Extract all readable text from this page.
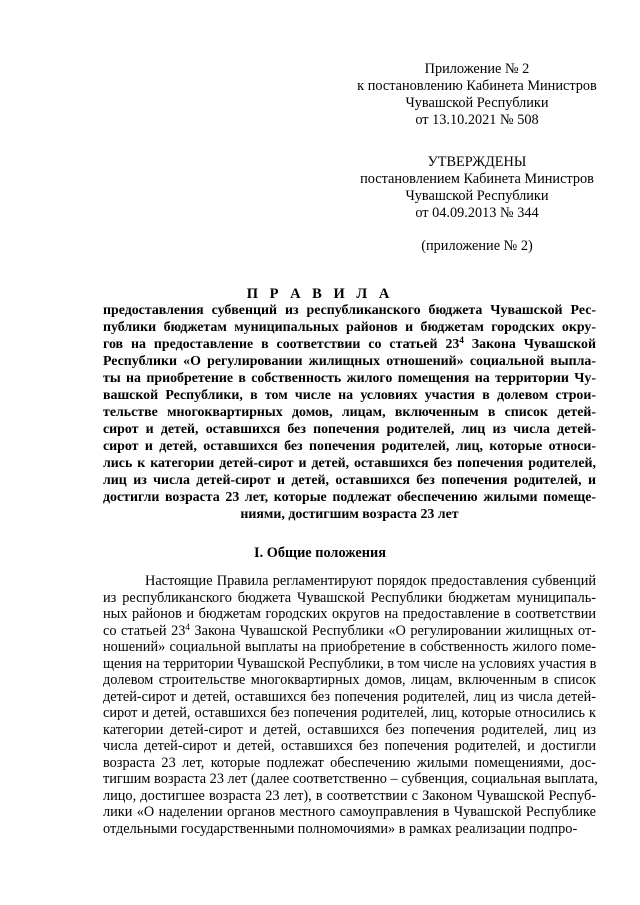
Приложение № 2
к постановлению Кабинета Министров
Чувашской Республики
от 13.10.2021 № 508
УТВЕРЖДЕНЫ
постановлением Кабинета Министров
Чувашской Республики
от 04.09.2013 № 344
(приложение № 2)
П Р А В И Л А
предоставления субвенций из республиканского бюджета Чувашской Рес-
публики бюджетам муниципальных районов и бюджетам городских окру-
гов на предоставление в соответствии со статьей $23^4$ Закона Чувашской
Республики «О регулировании жилищных отношений» социальной выпла-
ты на приобретение в собственность жилого помещения на территории Чу-
вашской Республики, в том числе на условиях участия в долевом строи-
тельстве многоквартирных домов, лицам, включенным в список детей-
сирот и детей, оставшихся без попечения родителей, лиц из числа детей-
сирот и детей, оставшихся без попечения родителей, лиц, которые относи-
лись к категории детей-сирот и детей, оставшихся без попечения родителей,
лиц из числа детей-сирот и детей, оставшихся без попечения родителей, и
достигли возраста 23 лет, которые подлежат обеспечению жилыми помеще-
ниями, достигшим возраста 23 лет
I. Общие положения
Настоящие Правила регламентируют порядок предоставления субвенций
из республиканского бюджета Чувашской Республики бюджетам муниципаль-
ных районов и бюджетам городских округов на предоставление в соответствии
со статьей $23^4$ Закона Чувашской Республики «О регулировании жилищных от-
ношений» социальной выплаты на приобретение в собственность жилого поме-
щения на территории Чувашской Республики, в том числе на условиях участия в
долевом строительстве многоквартирных домов, лицам, включенным в список
детей-сирот и детей, оставшихся без попечения родителей, лиц из числа детей-
сирот и детей, оставшихся без попечения родителей, лиц, которые относились к
категории детей-сирот и детей, оставшихся без попечения родителей, лиц из
числа детей-сирот и детей, оставшихся без попечения родителей, и достигли
возраста 23 лет, которые подлежат обеспечению жилыми помещениями, дос-
тигшим возраста 23 лет (далее соответственно – субвенция, социальная выплата,
лицо, достигшее возраста 23 лет), в соответствии с Законом Чувашской Респуб-
лики «О наделении органов местного самоуправления в Чувашской Республике
отдельными государственными полномочиями» в рамках реализации подпро-
